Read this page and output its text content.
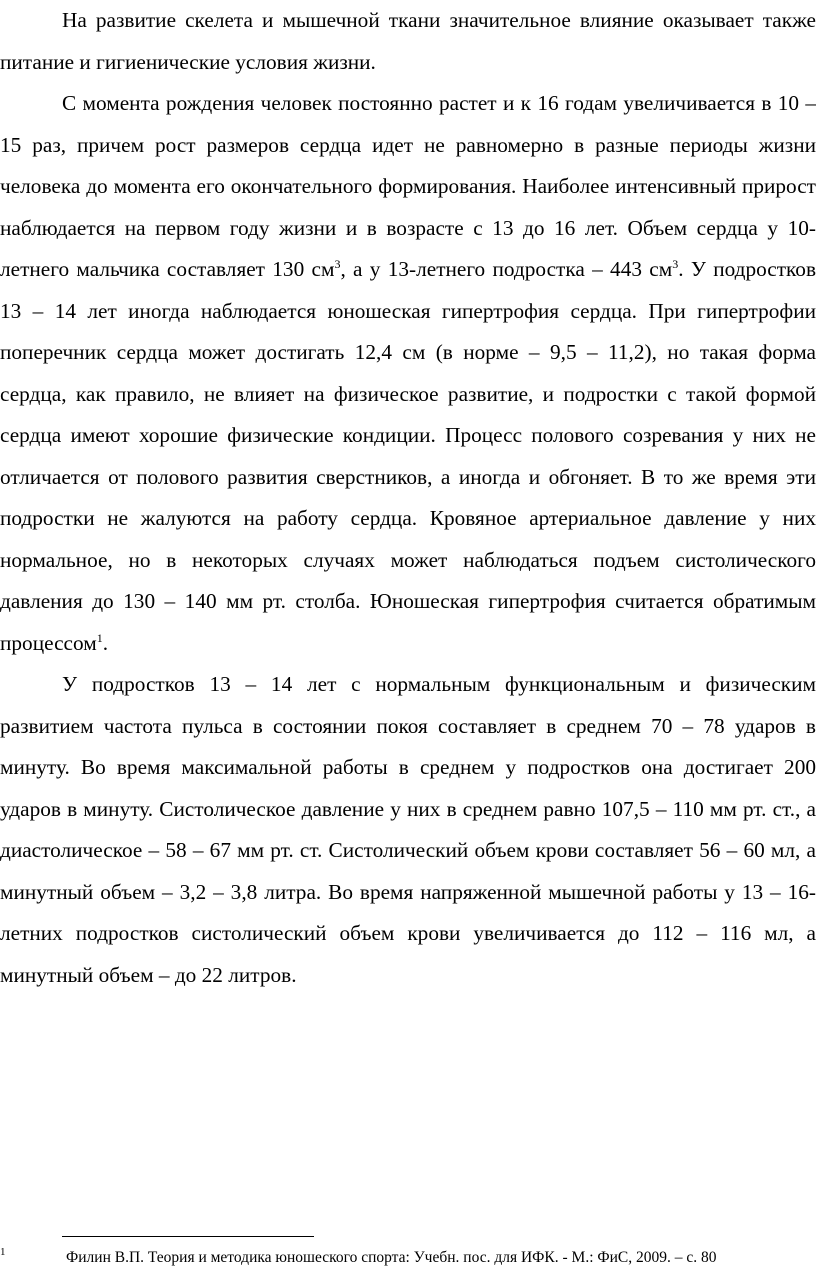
На развитие скелета и мышечной ткани значительное влияние оказывает также питание и гигиенические условия жизни.

С момента рождения человек постоянно растет и к 16 годам увеличивается в 10 – 15 раз, причем рост размеров сердца идет не равномерно в разные периоды жизни человека до момента его окончательного формирования. Наиболее интенсивный прирост наблюдается на первом году жизни и в возрасте с 13 до 16 лет. Объем сердца у 10-летнего мальчика составляет 130 $см^3$, а у 13-летнего подростка – 443 $см^3$. У подростков 13 – 14 лет иногда наблюдается юношеская гипертрофия сердца. При гипертрофии поперечник сердца может достигать 12,4 см (в норме – 9,5 – 11,2), но такая форма сердца, как правило, не влияет на физическое развитие, и подростки с такой формой сердца имеют хорошие физические кондиции. Процесс полового созревания у них не отличается от полового развития сверстников, а иногда и обгоняет. В то же время эти подростки не жалуются на работу сердца. Кровяное артериальное давление у них нормальное, но в некоторых случаях может наблюдаться подъем систолического давления до 130 – 140 мм рт. столба. Юношеская гипертрофия считается обратимым процессом$^1$.

У подростков 13 – 14 лет с нормальным функциональным и физическим развитием частота пульса в состоянии покоя составляет в среднем 70 – 78 ударов в минуту. Во время максимальной работы в среднем у подростков она достигает 200 ударов в минуту. Систолическое давление у них в среднем равно 107,5 – 110 мм рт. ст., а диастолическое – 58 – 67 мм рт. ст. Систолический объем крови составляет 56 – 60 мл, а минутный объем – 3,2 – 3,8 литра. Во время напряженной мышечной работы у 13 – 16-летних подростков систолический объем крови увеличивается до 112 – 116 мл, а минутный объем – до 22 литров.

1	Филин В.П. Теория и методика юношеского спорта: Учебн. пос. для ИФК. - М.: ФиС, 2009. – с. 80
